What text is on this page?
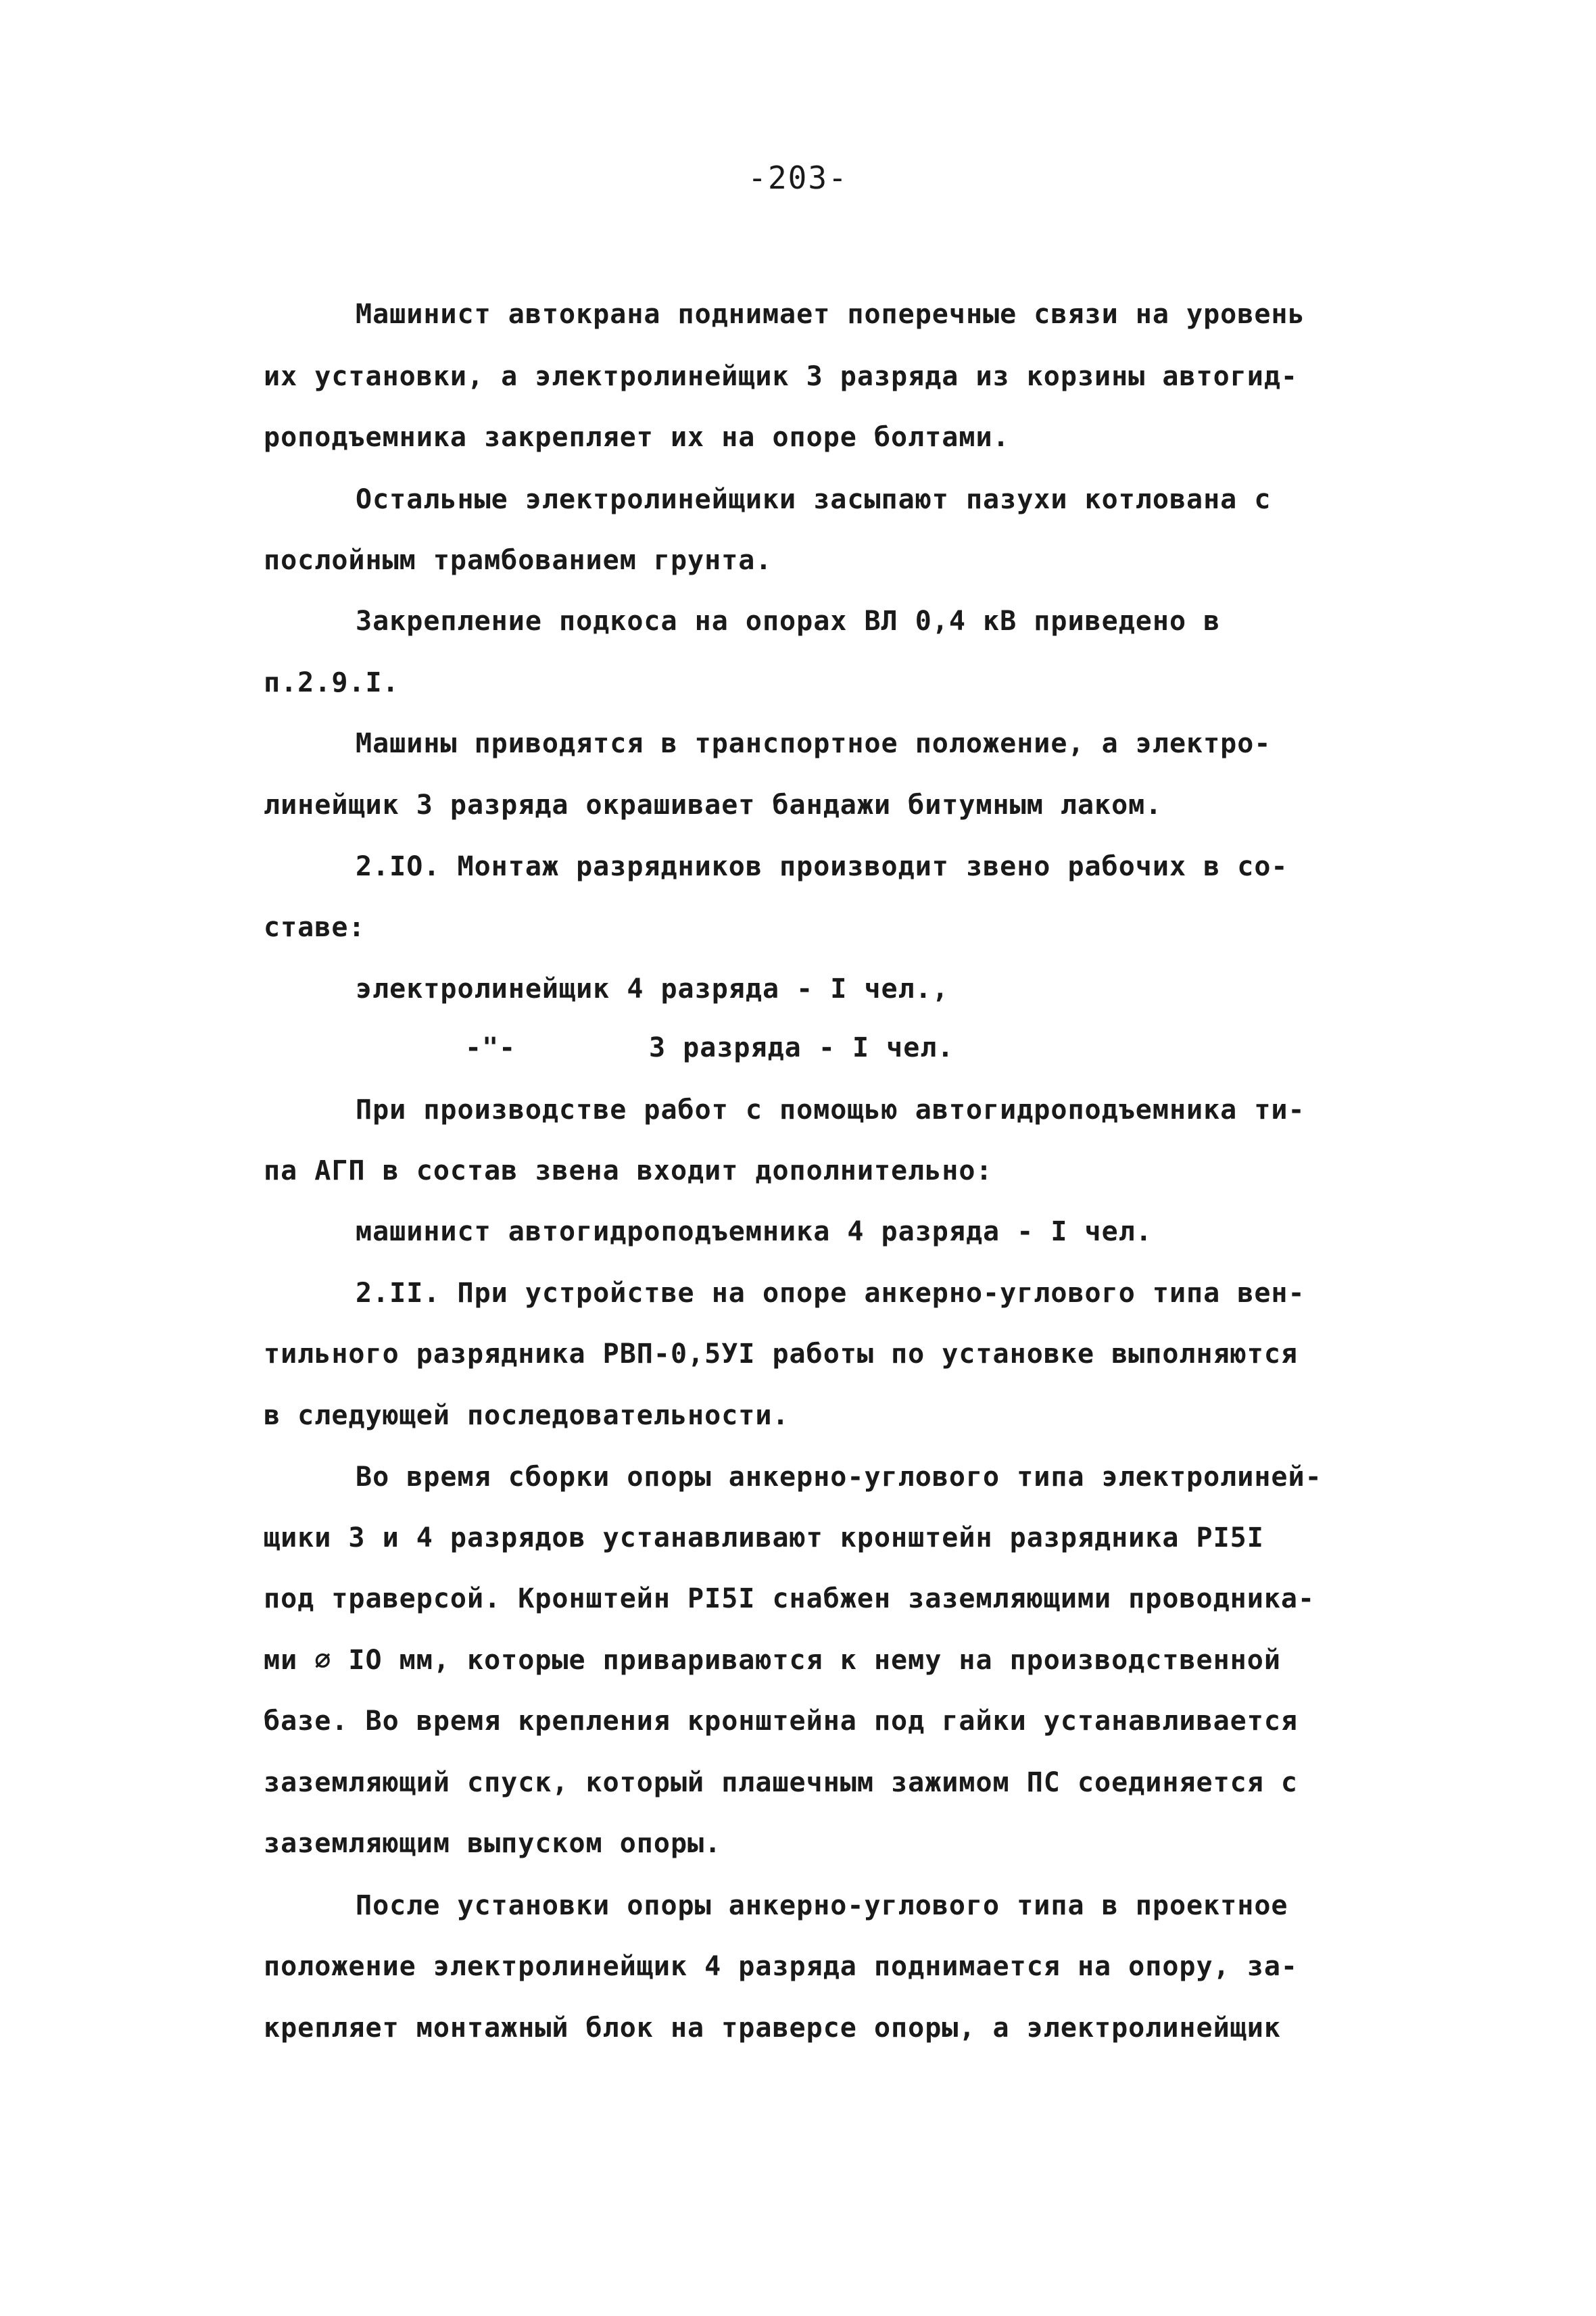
-203-
Машинист автокрана поднимает поперечные связи на уровень
их установки, а электролинейщик 3 разряда из корзины автогид-
роподъемника закрепляет их на опоре болтами.
Остальные электролинейщики засыпают пазухи котлована с
послойным трамбованием грунта.
Закрепление подкоса на опорах ВЛ 0,4 кВ приведено в
п.2.9.I.
Машины приводятся в транспортное положение, а электро-
линейщик 3 разряда окрашивает бандажи битумным лаком.
2.IO. Монтаж разрядников производит звено рабочих в со-
ставе:
электролинейщик 4 разряда - I чел.,
-"-	3 разряда - I чел.
При производстве работ с помощью автогидроподъемника ти-
па АГП в состав звена входит дополнительно:
машинист автогидроподъемника 4 разряда - I чел.
2.II. При устройстве на опоре анкерно-углового типа вен-
тильного разрядника РВП-0,5УI работы по установке выполняются
в следующей последовательности.
Во время сборки опоры анкерно-углового типа электролиней-
щики 3 и 4 разрядов устанавливают кронштейн разрядника PI5I
под траверсой. Кронштейн PI5I снабжен заземляющими проводника-
ми ∅ IO мм, которые привариваются к нему на производственной
базе. Во время крепления кронштейна под гайки устанавливается
заземляющий спуск, который плашечным зажимом ПС соединяется с
заземляющим выпуском опоры.
После установки опоры анкерно-углового типа в проектное
положение электролинейщик 4 разряда поднимается на опору, за-
крепляет монтажный блок на траверсе опоры, а электролинейщик
